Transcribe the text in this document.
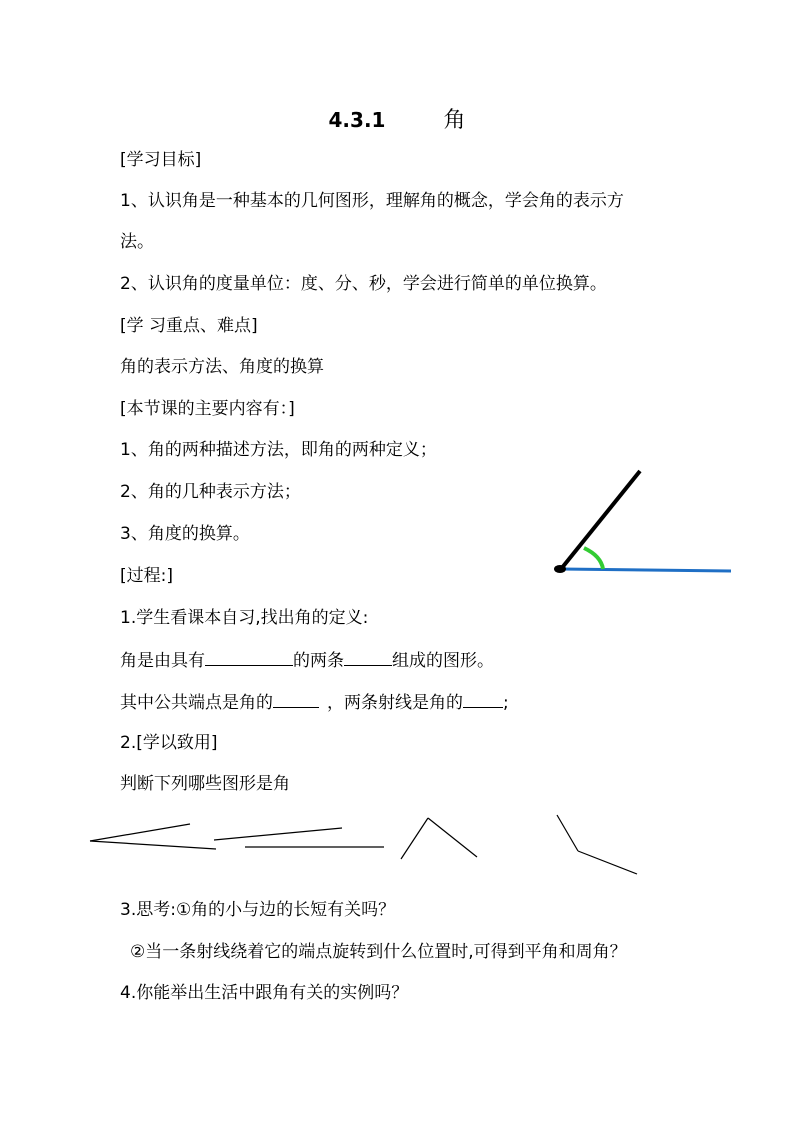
4.3.1	角
[学习目标]
1、认识角是一种基本的几何图形，理解角的概念，学会角的表示方
法。
2、认识角的度量单位：度、分、秒，学会进行简单的单位换算。
[学 习重点、难点]
角的表示方法、角度的换算
[本节课的主要内容有：]
1、角的两种描述方法，即角的两种定义；
2、角的几种表示方法；
3、角度的换算。
[过程:]
1.学生看课本自习,找出角的定义:
角是由具有	的两条	组成的图形。
其中公共端点是角的	，两条射线是角的 ;
2.[学以致用]
判断下列哪些图形是角
3.思考:①角的小与边的长短有关吗？
②当一条射线绕着它的端点旋转到什么位置时,可得到平角和周角？
4.你能举出生活中跟角有关的实例吗？
